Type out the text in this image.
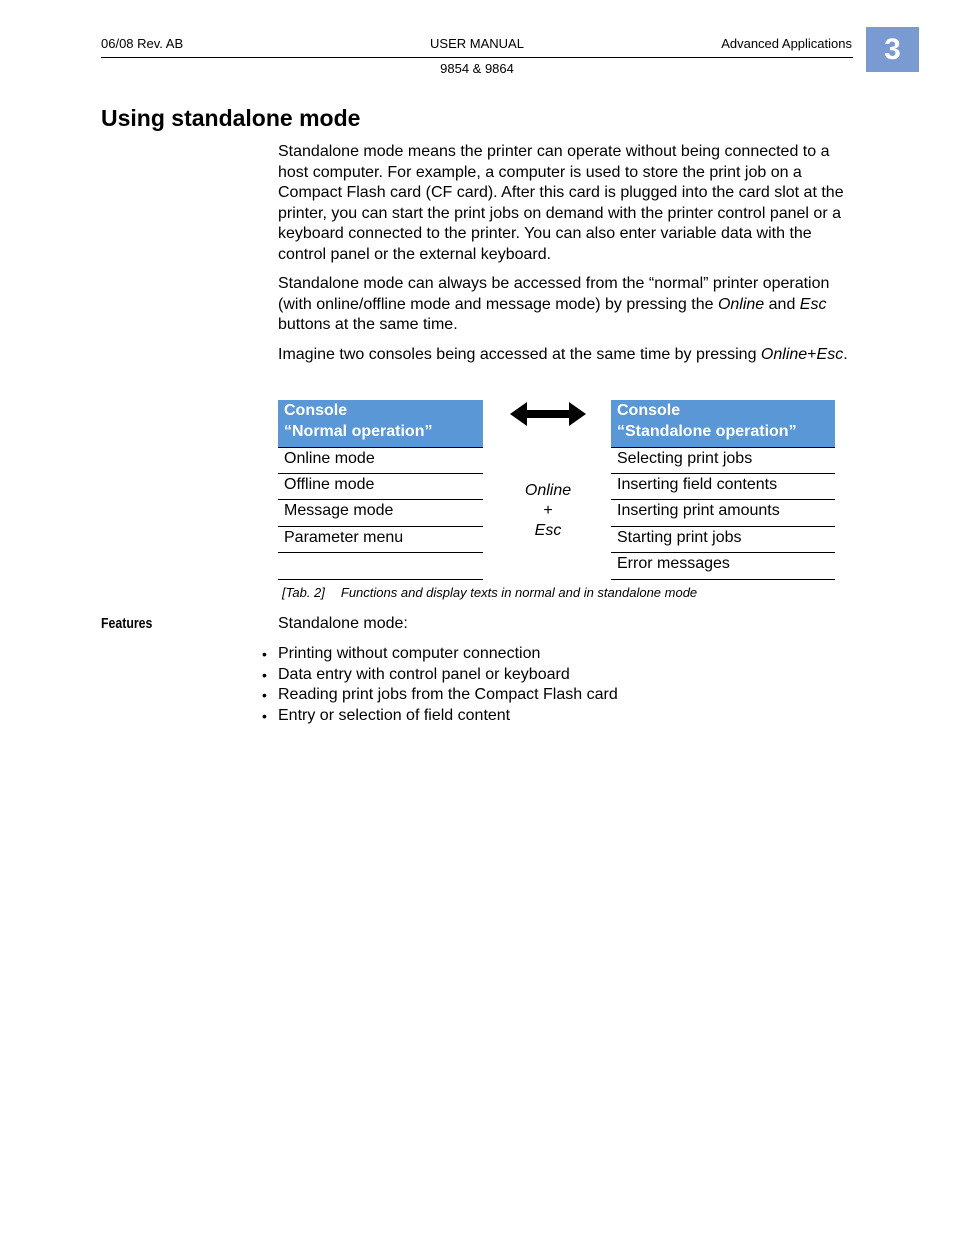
06/08 Rev. AB	USER MANUAL	Advanced Applications
9854 & 9864
3
Using standalone mode

Standalone mode means the printer can operate without being connected to a host computer. For example, a computer is used to store the print job on a Compact Flash card (CF card). After this card is plugged into the card slot at the printer, you can start the print jobs on demand with the printer control panel or a keyboard connected to the printer. You can also enter variable data with the control panel or the external keyboard.

Standalone mode can always be accessed from the “normal” printer operation (with online/offline mode and message mode) by pressing the Online and Esc buttons at the same time.

Imagine two consoles being accessed at the same time by pressing Online+Esc.

Console
“Normal operation”
Online mode
Offline mode
Message mode
Parameter menu
Online
+
Esc
Console
“Standalone operation”
Selecting print jobs
Inserting field contents
Inserting print amounts
Starting print jobs
Error messages
[Tab. 2] Functions and display texts in normal and in standalone mode
Features	Standalone mode:
• Printing without computer connection
• Data entry with control panel or keyboard
• Reading print jobs from the Compact Flash card
• Entry or selection of field content
